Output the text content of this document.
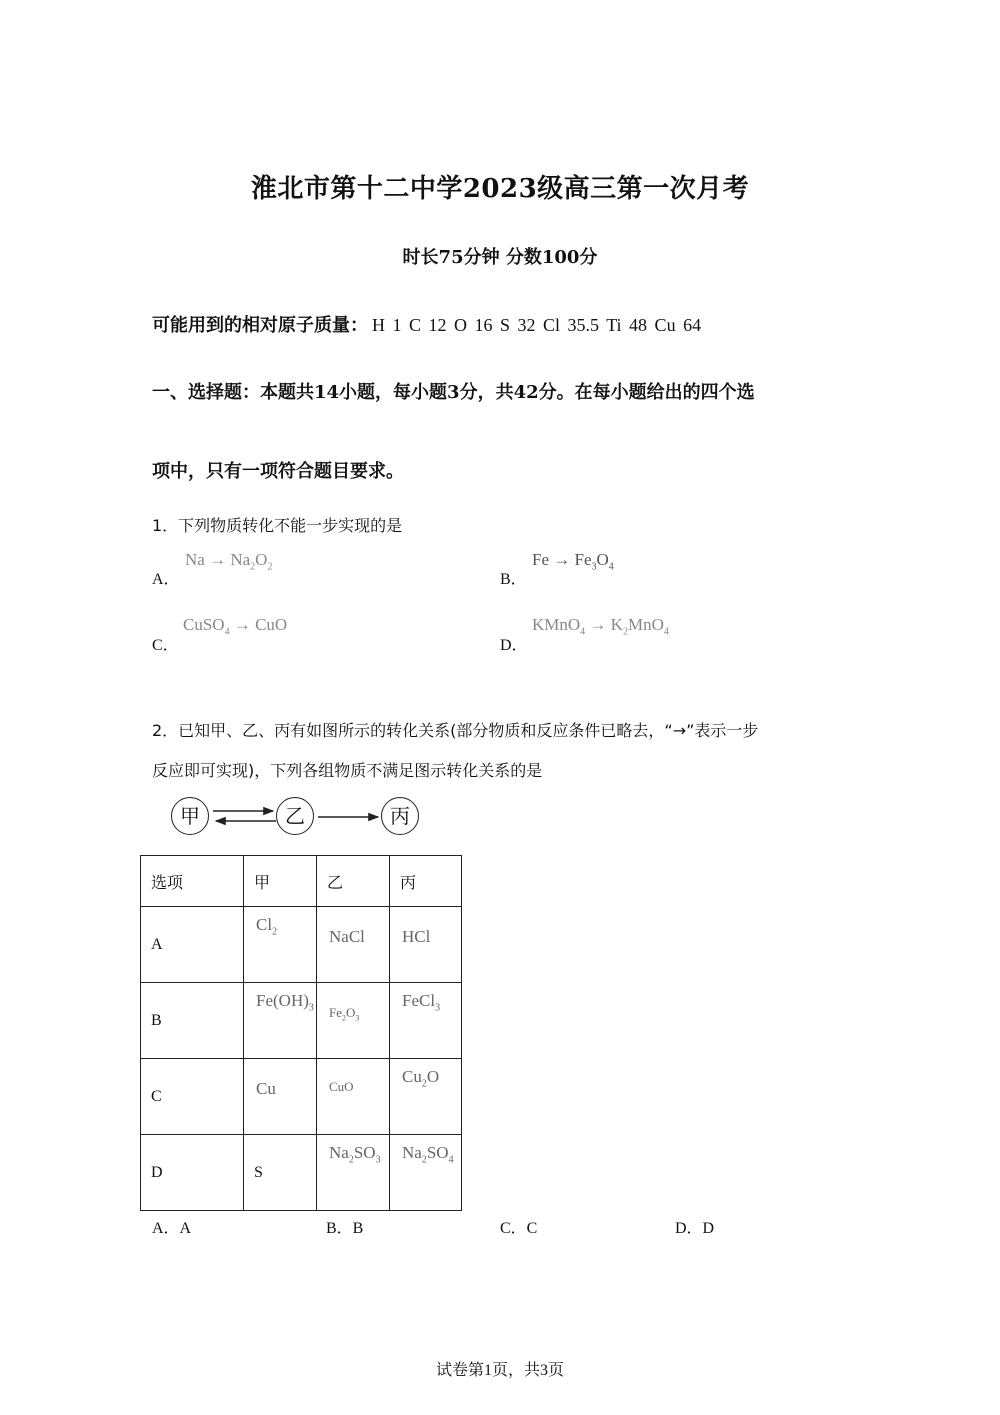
淮北市第十二中学2023级高三第一次月考
时长75分钟 分数100分
可能用到的相对原子质量： H 1 C 12 O 16 S 32 Cl 35.5 Ti 48 Cu 64
一、选择题：本题共14小题，每小题3分，共42分。在每小题给出的四个选
项中，只有一项符合题目要求。
1．下列物质转化不能一步实现的是
A．
$Na \to Na_2O_2$
B．
$Fe \to Fe_3O_4$
C．
CuSO$_4$ → CuO
D．
KMnO$_4$ → $K_2MnO_4$
2．已知甲、乙、丙有如图所示的转化关系(部分物质和反应条件已略去，“→”表示一步
反应即可实现)，下列各组物质不满足图示转化关系的是
甲	乙	丙
选项	甲	乙	丙
A	$Cl_2$	NaCl	HCl

B	$Fe(OH)_3$	$Fe_2O_3$	FeCl$_3$

C	Cu	CuO	$Cu_2O$

D	S	$Na_2SO_3$	$Na_2SO_4$
A．A	B．B	C．C	D．D
试卷第1页，共3页
